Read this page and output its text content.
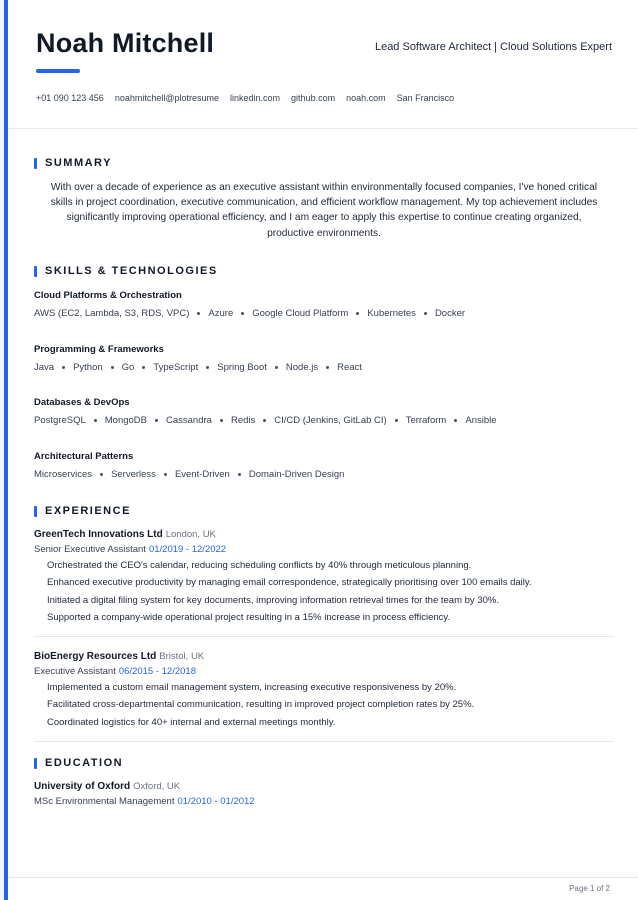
Noah Mitchell	Lead Software Architect | Cloud Solutions Expert
+01 090 123 456 noahmitchell@plotresume linkedin.com github.com noah.com San Francisco
SUMMARY
With over a decade of experience as an executive assistant within environmentally focused companies, I've honed critical skills in project coordination, executive communication, and efficient workflow management. My top achievement includes significantly improving operational efficiency, and I am eager to apply this expertise to continue creating organized, productive environments.
SKILLS & TECHNOLOGIES
Cloud Platforms & Orchestration
AWS (EC2, Lambda, S3, RDS, VPC) Azure Google Cloud Platform Kubernetes Docker
Programming & Frameworks
Java Python Go TypeScript Spring Boot Node.js React
Databases & DevOps
PostgreSQL MongoDB Cassandra Redis CI/CD (Jenkins, GitLab CI) Terraform Ansible
Architectural Patterns
Microservices Serverless Event-Driven Domain-Driven Design
EXPERIENCE
GreenTech Innovations Ltd London, UK
Senior Executive Assistant 01/2019 - 12/2022
Orchestrated the CEO's calendar, reducing scheduling conflicts by 40% through meticulous planning.
Enhanced executive productivity by managing email correspondence, strategically prioritising over 100 emails daily.
Initiated a digital filing system for key documents, improving information retrieval times for the team by 30%.
Supported a company-wide operational project resulting in a 15% increase in process efficiency.
BioEnergy Resources Ltd Bristol, UK
Executive Assistant 06/2015 - 12/2018
Implemented a custom email management system, increasing executive responsiveness by 20%.
Facilitated cross-departmental communication, resulting in improved project completion rates by 25%.
Coordinated logistics for 40+ internal and external meetings monthly.
EDUCATION
University of Oxford Oxford, UK
MSc Environmental Management 01/2010 - 01/2012
Page 1 of 2
